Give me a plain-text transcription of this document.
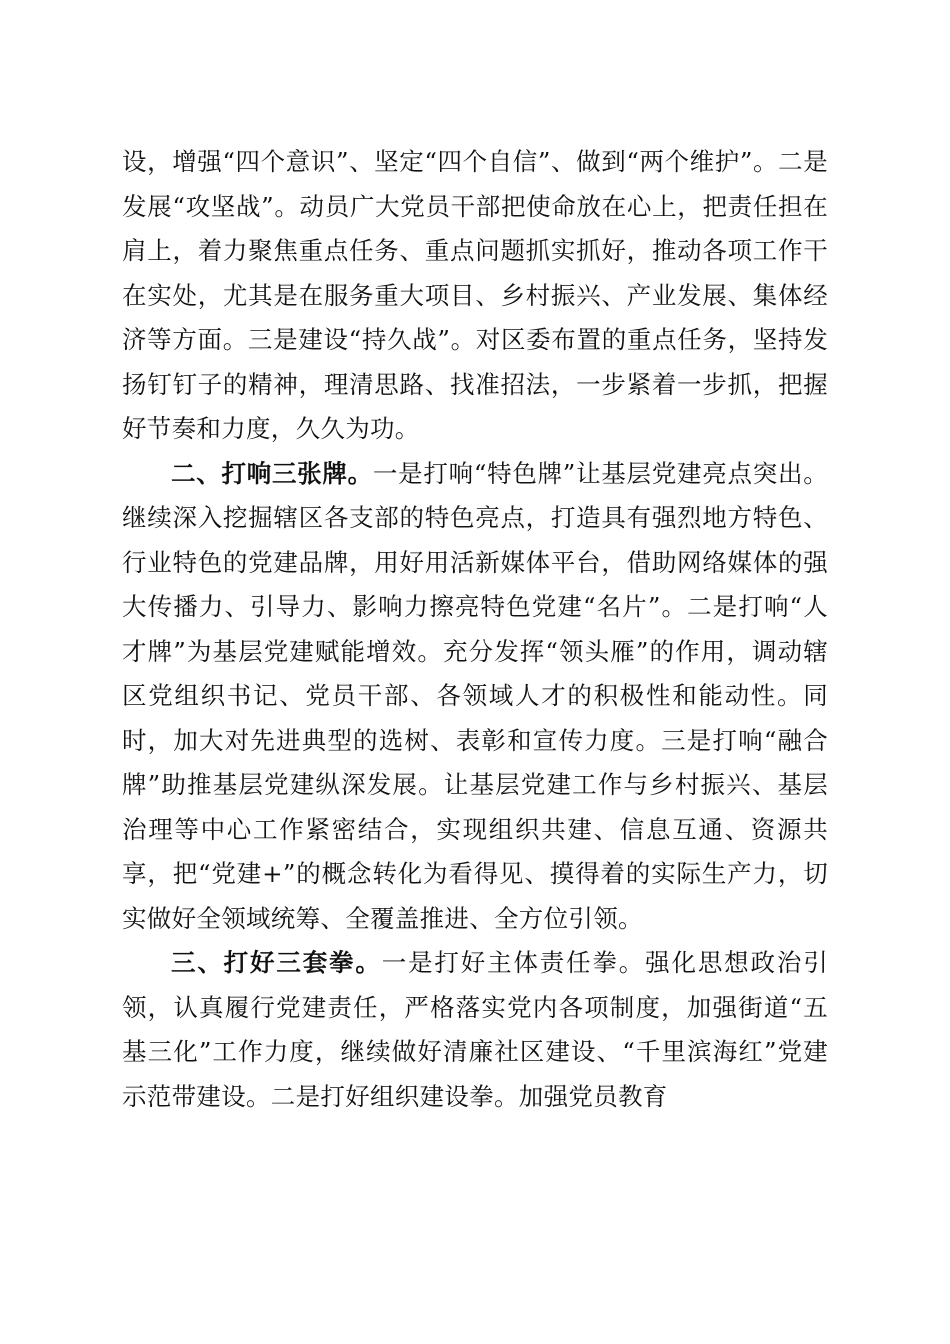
设，增强“四个意识”、坚定“四个自信”、做到“两个维护”。二是发展“攻坚战”。动员广大党员干部把使命放在心上，把责任担在肩上，着力聚焦重点任务、重点问题抓实抓好，推动各项工作干在实处，尤其是在服务重大项目、乡村振兴、产业发展、集体经济等方面。三是建设“持久战”。对区委布置的重点任务，坚持发扬钉钉子的精神，理清思路、找准招法，一步紧着一步抓，把握好节奏和力度，久久为功。

二、打响三张牌。一是打响“特色牌”让基层党建亮点突出。继续深入挖掘辖区各支部的特色亮点，打造具有强烈地方特色、行业特色的党建品牌，用好用活新媒体平台，借助网络媒体的强大传播力、引导力、影响力擦亮特色党建“名片”。二是打响“人才牌”为基层党建赋能增效。充分发挥“领头雁”的作用，调动辖区党组织书记、党员干部、各领域人才的积极性和能动性。同时，加大对先进典型的选树、表彰和宣传力度。三是打响“融合牌”助推基层党建纵深发展。让基层党建工作与乡村振兴、基层治理等中心工作紧密结合，实现组织共建、信息互通、资源共享，把“党建+”的概念转化为看得见、摸得着的实际生产力，切实做好全领域统筹、全覆盖推进、全方位引领。

三、打好三套拳。一是打好主体责任拳。强化思想政治引领，认真履行党建责任，严格落实党内各项制度，加强街道“五基三化”工作力度，继续做好清廉社区建设、“千里滨海红”党建示范带建设。二是打好组织建设拳。加强党员教育
